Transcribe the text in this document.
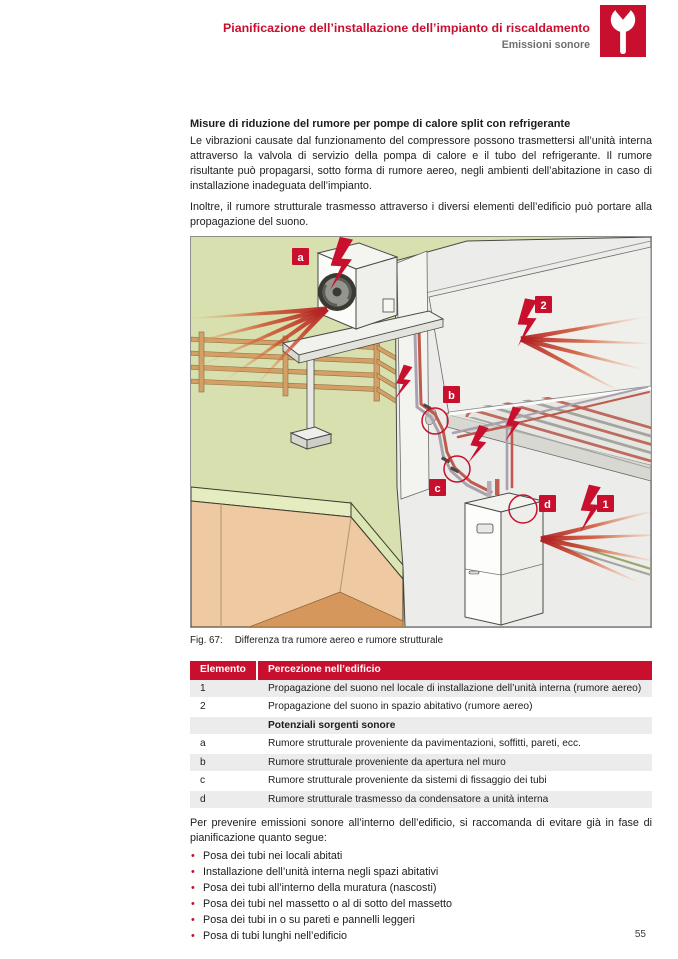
Pianificazione dell’installazione dell’impianto di riscaldamento
Emissioni sonore
Misure di riduzione del rumore per pompe di calore split con refrigerante

Le vibrazioni causate dal funzionamento del compressore possono trasmettersi all’unità interna attraverso la valvola di servizio della pompa di calore e il tubo del refrigerante. Il rumore risultante può propagarsi, sotto forma di rumore aereo, negli ambienti dell’abitazione in caso di installazione inadeguata dell’impianto.

Inoltre, il rumore strutturale trasmesso attraverso i diversi elementi dell’edificio può portare alla propagazione del suono.

a
2
b
c
d	1
Fig. 67: Differenza tra rumore aereo e rumore strutturale
Elemento	Percezione nell’edificio
1	Propagazione del suono nel locale di installazione dell’unità interna (rumore aereo)
2	Propagazione del suono in spazio abitativo (rumore aereo)
Potenziali sorgenti sonore
a	Rumore strutturale proveniente da pavimentazioni, soffitti, pareti, ecc.
b	Rumore strutturale proveniente da apertura nel muro
c	Rumore strutturale proveniente da sistemi di fissaggio dei tubi
d	Rumore strutturale trasmesso da condensatore a unità interna

Per prevenire emissioni sonore all’interno dell’edificio, si raccomanda di evitare già in fase di pianificazione quanto segue:

• Posa dei tubi nei locali abitati
• Installazione dell’unità interna negli spazi abitativi
• Posa dei tubi all’interno della muratura (nascosti)
• Posa dei tubi nel massetto o al di sotto del massetto
• Posa dei tubi in o su pareti e pannelli leggeri
• Posa di tubi lunghi nell’edificio	55
